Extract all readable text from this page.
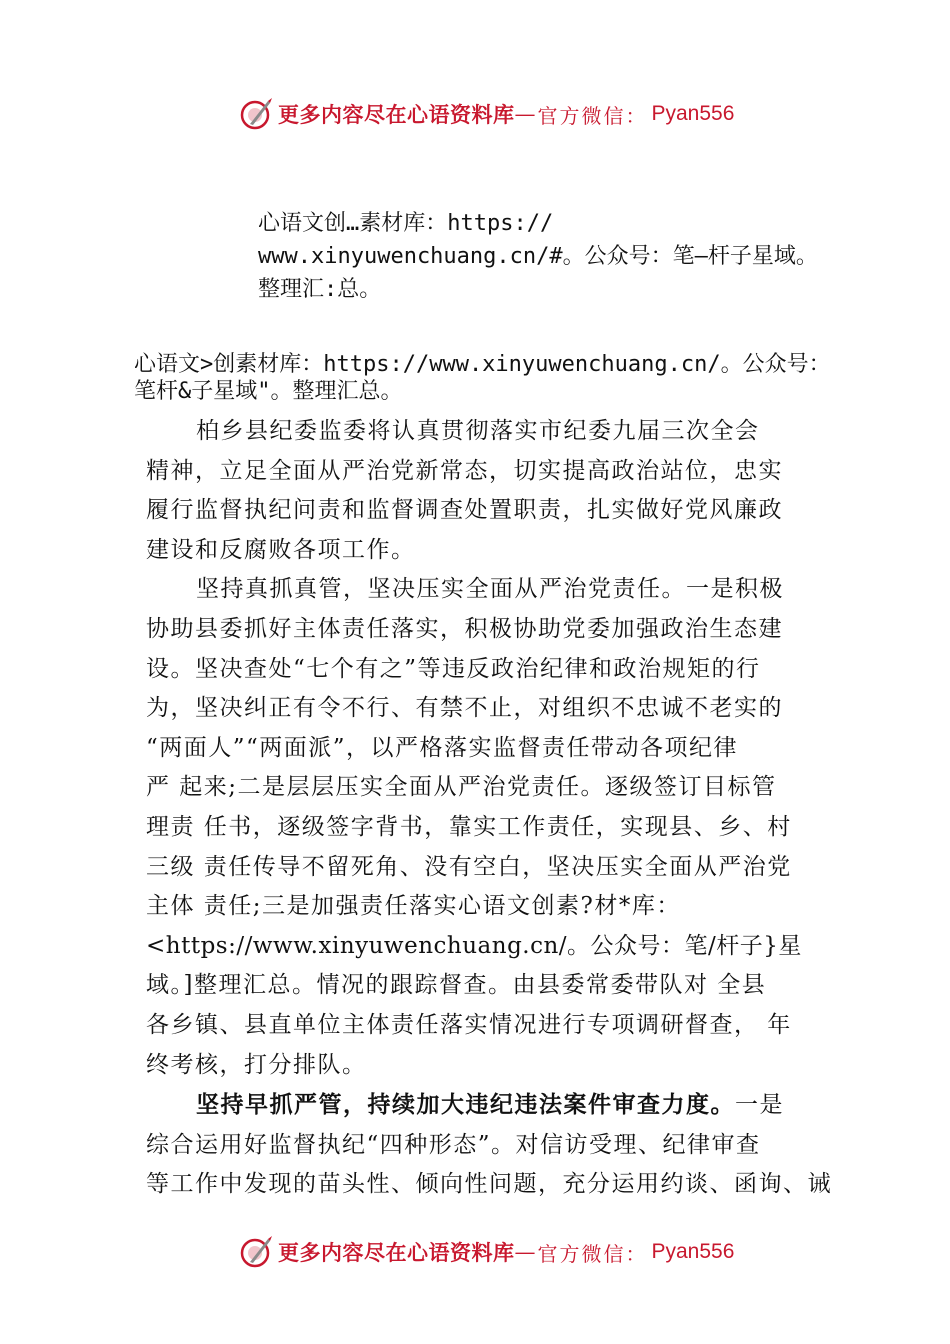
更多内容尽在心语资料库 — 官方微信： Pyan556
心语文创…素材库：https://
www.xinyuwenchuang.cn/#。公众号：笔—杆子星域。
整理汇:总。
心语文>创素材库：https://www.xinyuwenchuang.cn/。公众号：
笔杆&子星域"。整理汇总。

柏乡县纪委监委将认真贯彻落实市纪委九届三次全会

精神，立足全面从严治党新常态，切实提高政治站位，忠实

履行监督执纪问责和监督调查处置职责，扎实做好党风廉政

建设和反腐败各项工作。

坚持真抓真管，坚决压实全面从严治党责任。一是积极

协助县委抓好主体责任落实，积极协助党委加强政治生态建

设。坚决查处“七个有之”等违反政治纪律和政治规矩的行

为，坚决纠正有令不行、有禁不止，对组织不忠诚不老实的

“两面人”“两面派”，以严格落实监督责任带动各项纪律

严 起来;二是层层压实全面从严治党责任。逐级签订目标管

理责 任书，逐级签字背书，靠实工作责任，实现县、乡、村

三级 责任传导不留死角、没有空白，坚决压实全面从严治党

主体 责任;三是加强责任落实心语文创素?材*库：

<https://www.xinyuwenchuang.cn/。公众号：笔/杆子}星

域。]整理汇总。情况的跟踪督查。由县委常委带队对 全县

各乡镇、县直单位主体责任落实情况进行专项调研督查， 年

终考核，打分排队。

坚持早抓严管，持续加大违纪违法案件审查力度。一是

综合运用好监督执纪“四种形态”。对信访受理、纪律审查

等工作中发现的苗头性、倾向性问题，充分运用约谈、函询、诫

更多内容尽在心语资料库 — 官方微信： Pyan556
